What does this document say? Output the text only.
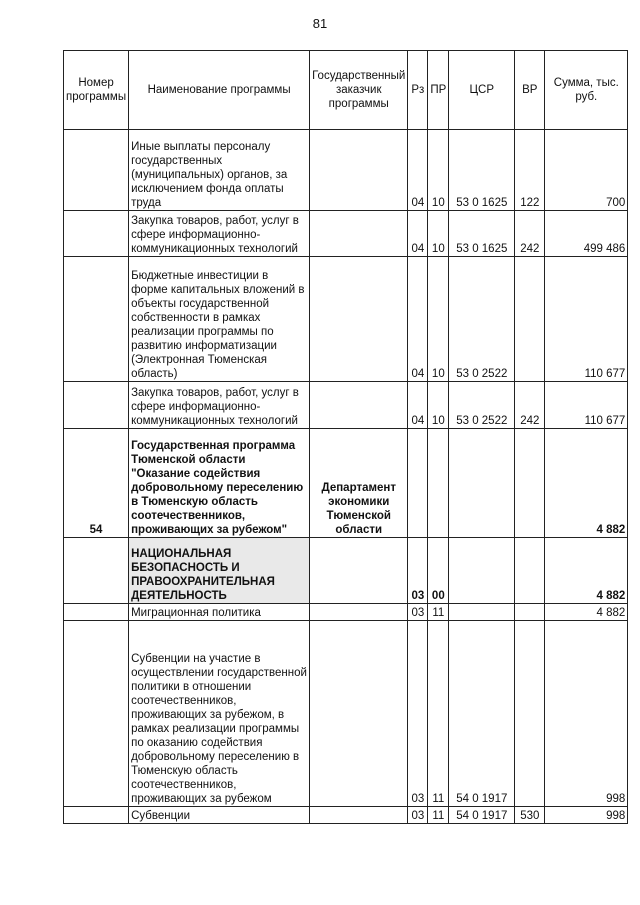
81
Номер программы	Наименование программы	Государственный заказчик программы	Рз	ПР	ЦСР	ВР	Сумма, тыс. руб.
	Иные выплаты персоналу государственных (муниципальных) органов, за исключением фонда оплаты труда		04	10	53 0 1625	122	700
	Закупка товаров, работ, услуг в сфере информационно-коммуникационных технологий		04	10	53 0 1625	242	499 486
	Бюджетные инвестиции в форме капитальных вложений в объекты государственной собственности в рамках реализации программы по развитию информатизации (Электронная Тюменская область)		04	10	53 0 2522		110 677
	Закупка товаров, работ, услуг в сфере информационно-коммуникационных технологий		04	10	53 0 2522	242	110 677
54	Государственная программа Тюменской области "Оказание содействия добровольному переселению в Тюменскую область соотечественников, проживающих за рубежом"	Департамент экономики Тюменской области					4 882
	НАЦИОНАЛЬНАЯ БЕЗОПАСНОСТЬ И ПРАВООХРАНИТЕЛЬНАЯ ДЕЯТЕЛЬНОСТЬ		03	00			4 882
	Миграционная политика		03	11			4 882
	Субвенции на участие в осуществлении государственной политики в отношении соотечественников, проживающих за рубежом, в рамках реализации программы по оказанию содействия добровольному переселению в Тюменскую область соотечественников, проживающих за рубежом		03	11	54 0 1917		998
	Субвенции		03	11	54 0 1917	530	998
